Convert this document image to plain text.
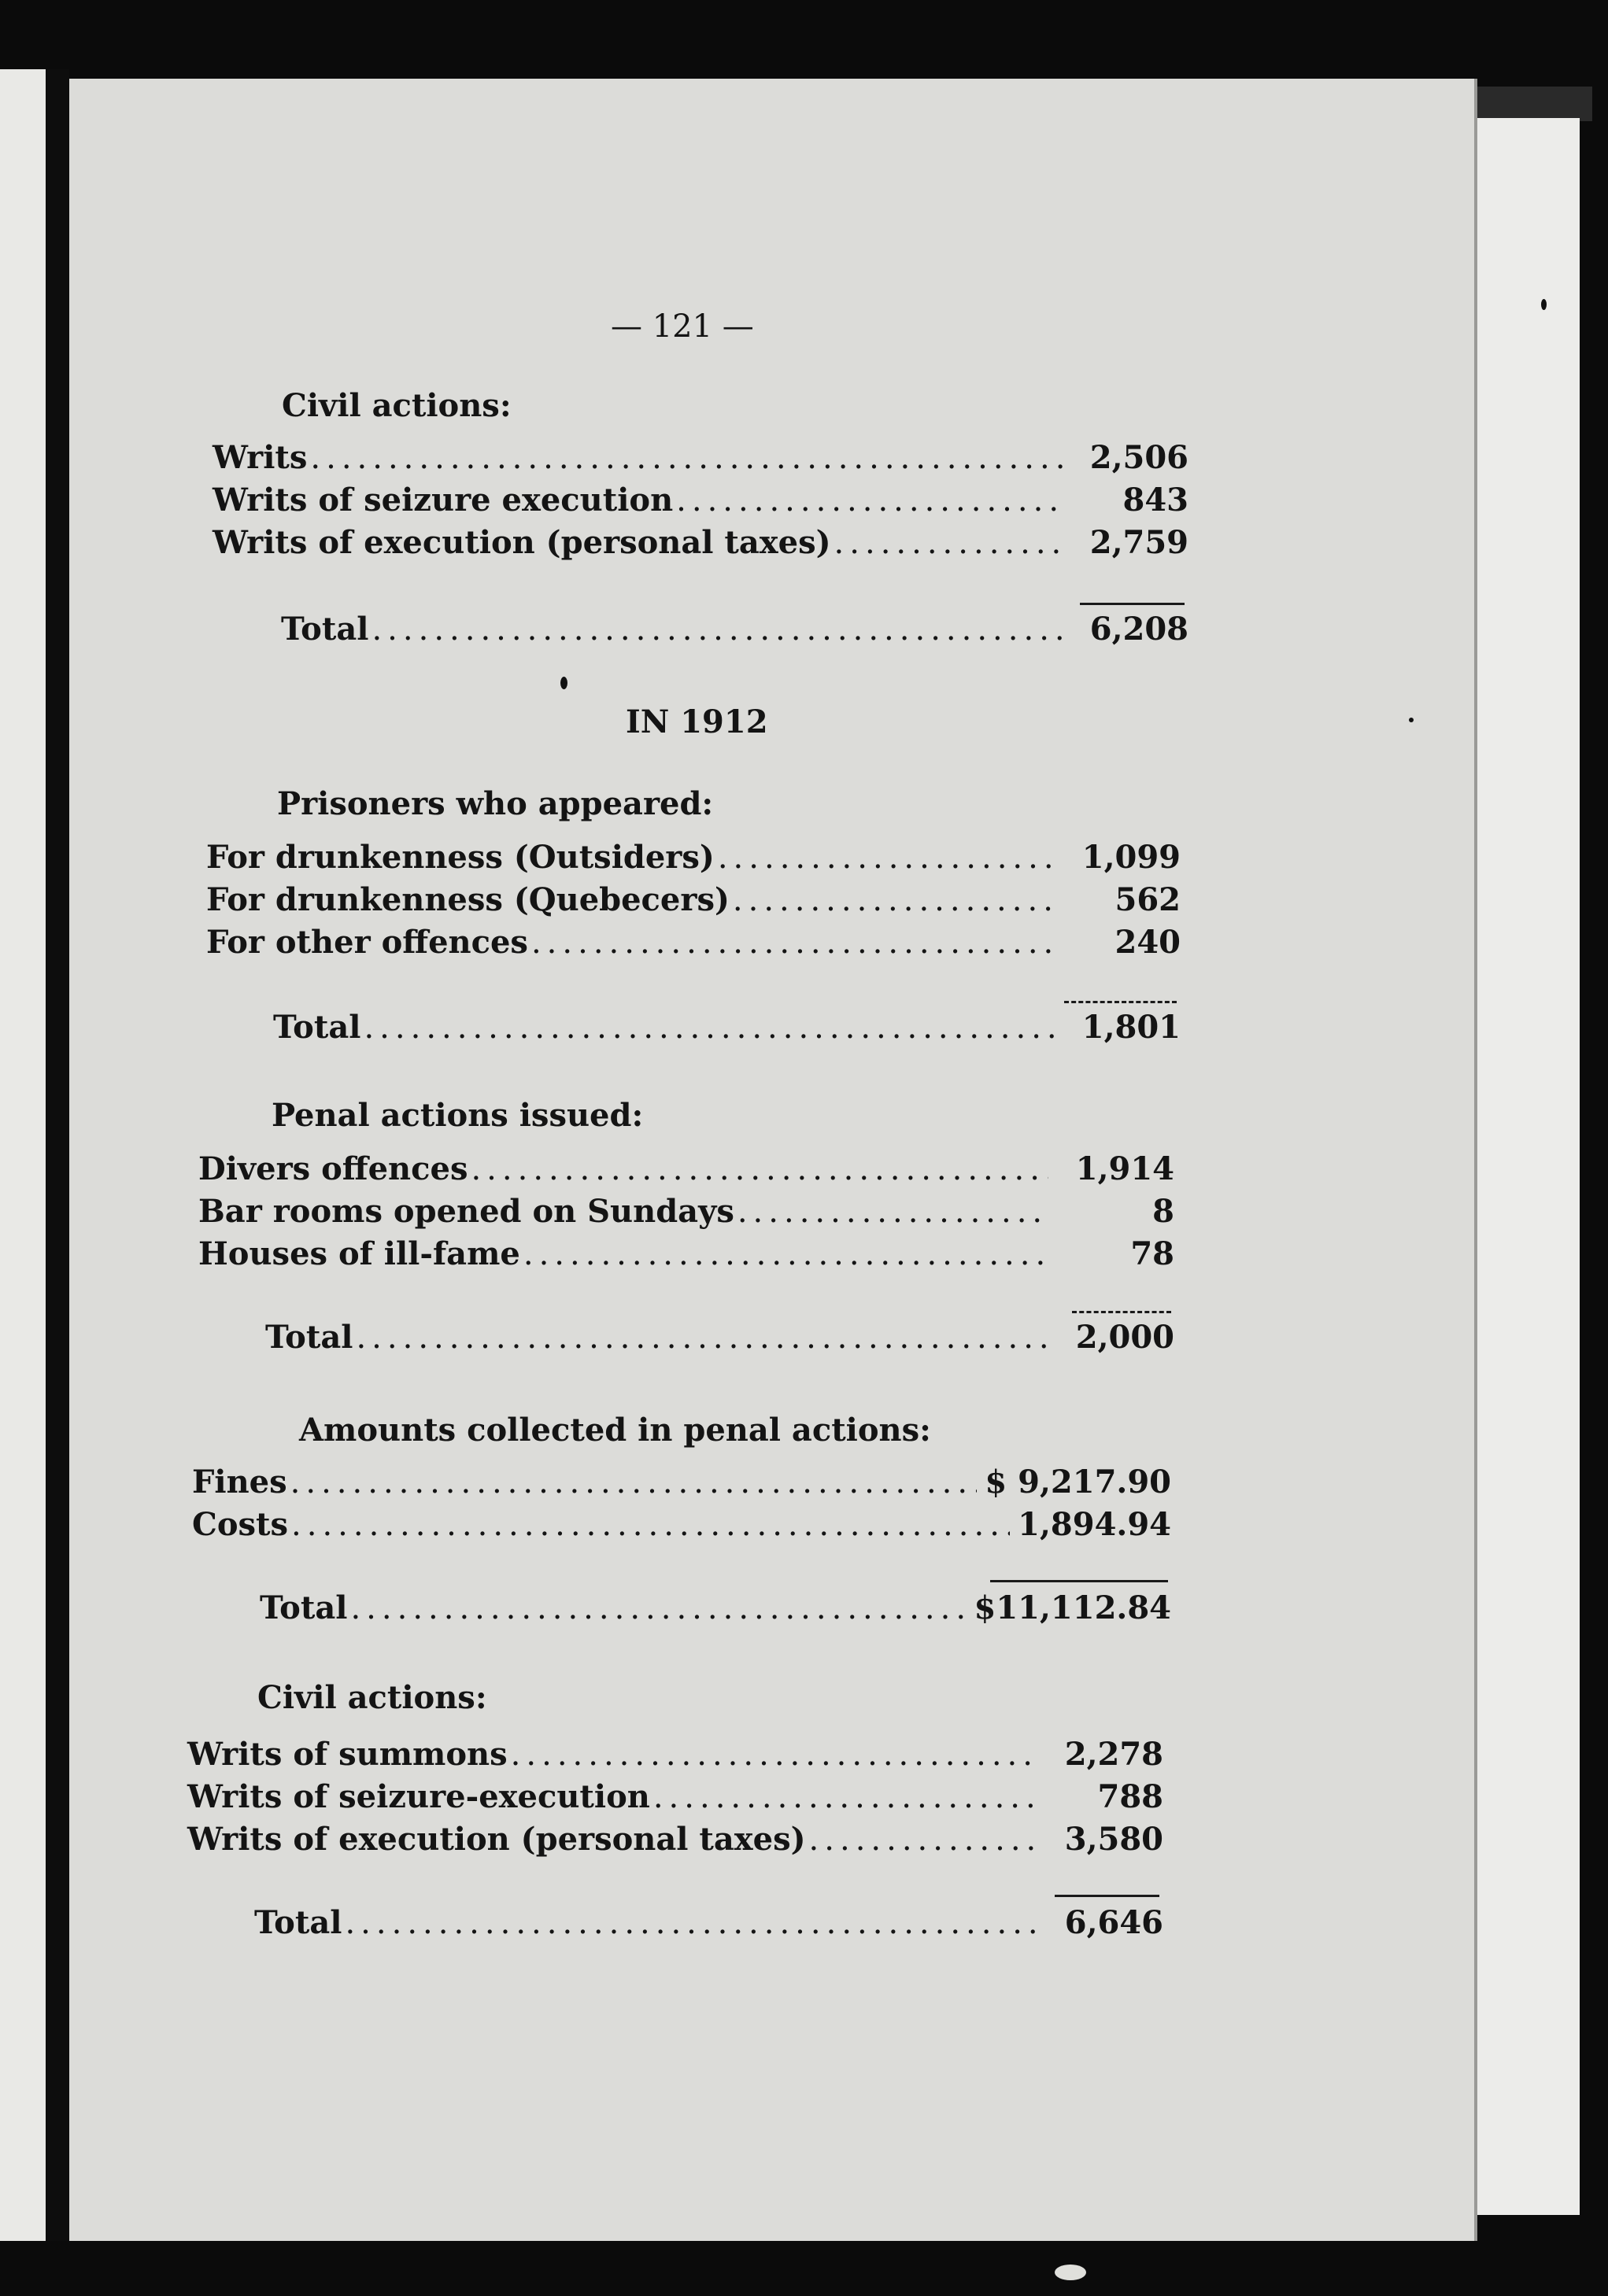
— 121 —
Civil actions:
Writs .....	2,506
Writs of seizure execution .....	843
Writs of execution (personal taxes) .....	2,759
Total .....	6,208
IN 1912
Prisoners who appeared:
For drunkenness (Outsiders) .....	1,099
For drunkenness (Quebecers) .....	562
For other offences .....	240
Total .....	1,801
Penal actions issued:
Divers offences .....	1,914
Bar rooms opened on Sundays .....	8
Houses of ill-fame .....	78
Total .....	2,000
Amounts collected in penal actions:
Fines .....	$ 9,217.90
Costs .....	1,894.94
Total .....	$11,112.84
Civil actions:
Writs of summons .....	2,278
Writs of seizure-execution .....	788
Writs of execution (personal taxes) .....	3,580
Total .....	6,646
